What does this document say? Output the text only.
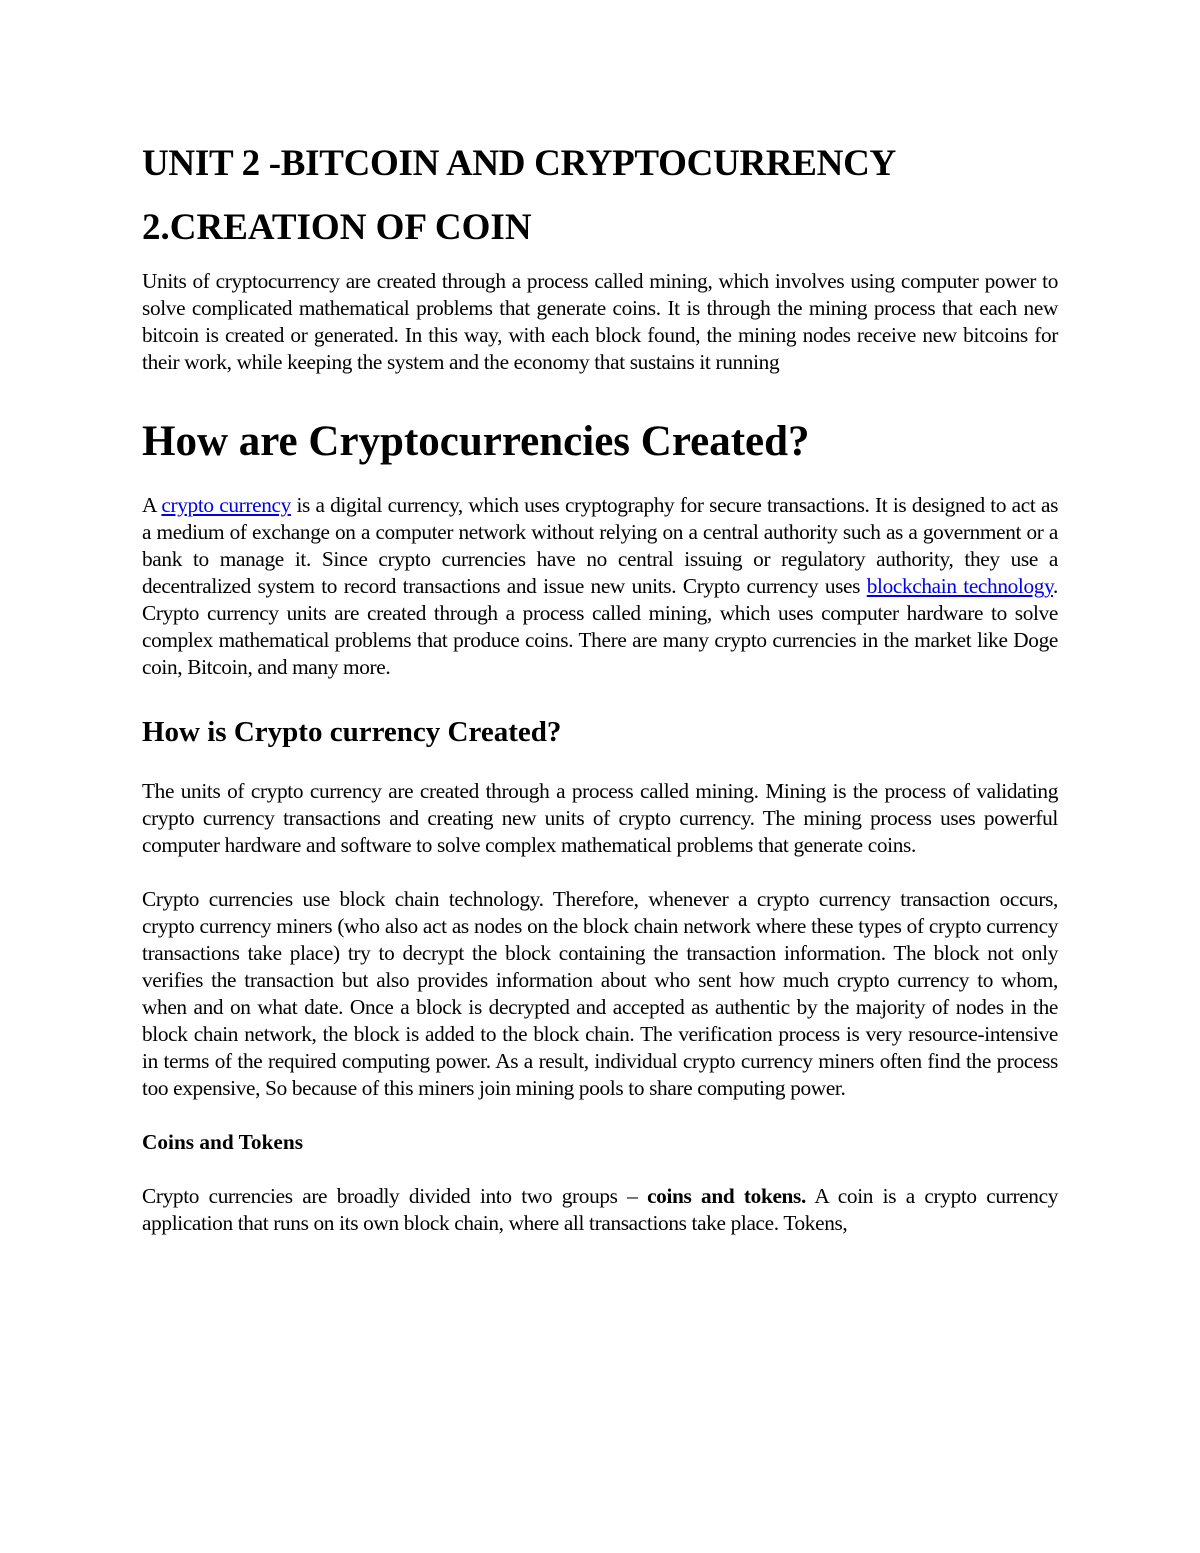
UNIT 2 -BITCOIN AND CRYPTOCURRENCY
2.CREATION OF COIN

Units of cryptocurrency are created through a process called mining, which involves using computer power to solve complicated mathematical problems that generate coins. It is through the mining process that each new bitcoin is created or generated. In this way, with each block found, the mining nodes receive new bitcoins for their work, while keeping the system and the economy that sustains it running

How are Cryptocurrencies Created?

A crypto currency is a digital currency, which uses cryptography for secure transactions. It is designed to act as a medium of exchange on a computer network without relying on a central authority such as a government or a bank to manage it. Since crypto currencies have no central issuing or regulatory authority, they use a decentralized system to record transactions and issue new units. Crypto currency uses blockchain technology. Crypto currency units are created through a process called mining, which uses computer hardware to solve complex mathematical problems that produce coins. There are many crypto currencies in the market like Doge coin, Bitcoin, and many more.

How is Crypto currency Created?

The units of crypto currency are created through a process called mining. Mining is the process of validating crypto currency transactions and creating new units of crypto currency. The mining process uses powerful computer hardware and software to solve complex mathematical problems that generate coins.

Crypto currencies use block chain technology. Therefore, whenever a crypto currency transaction occurs, crypto currency miners (who also act as nodes on the block chain network where these types of crypto currency transactions take place) try to decrypt the block containing the transaction information. The block not only verifies the transaction but also provides information about who sent how much crypto currency to whom, when and on what date. Once a block is decrypted and accepted as authentic by the majority of nodes in the block chain network, the block is added to the block chain. The verification process is very resource-intensive in terms of the required computing power. As a result, individual crypto currency miners often find the process too expensive, So because of this miners join mining pools to share computing power.

Coins and Tokens

Crypto currencies are broadly divided into two groups – coins and tokens. A coin is a crypto currency application that runs on its own block chain, where all transactions take place. Tokens,
